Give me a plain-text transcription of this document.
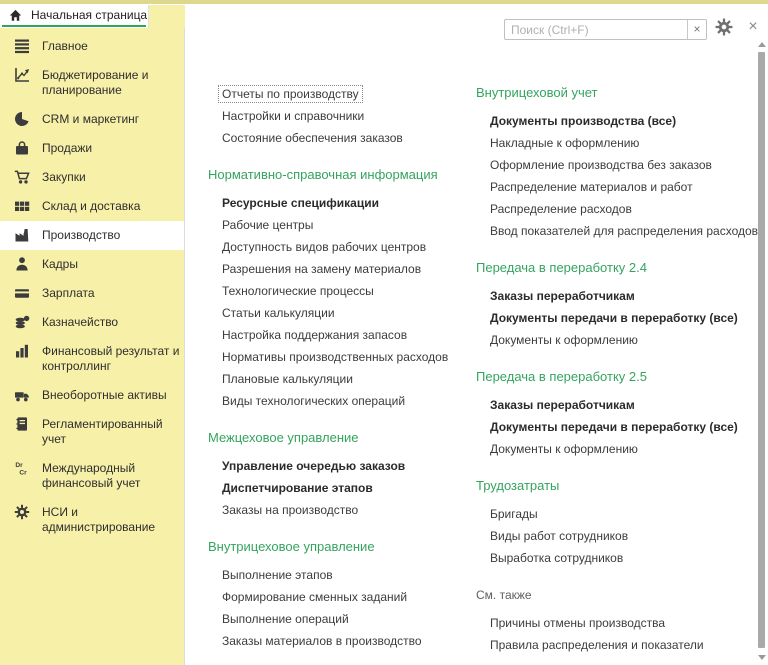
Начальная страница
Главное
Бюджетирование и планирование
CRM и маркетинг
Продажи
Закупки
Склад и доставка
Производство
Кадры
Зарплата
Казначейство
Финансовый результат и контроллинг
Внеоборотные активы
Регламентированный учет
Dr
Cr Международный финансовый учет
НСИ и администрирование
Поиск (Ctrl+F)
×	×
Отчеты по производству
Настройки и справочники
Состояние обеспечения заказов
Нормативно-справочная информация
Ресурсные спецификации
Рабочие центры
Доступность видов рабочих центров
Разрешения на замену материалов
Технологические процессы
Статьи калькуляции
Настройка поддержания запасов
Нормативы производственных расходов
Плановые калькуляции
Виды технологических операций
Межцеховое управление
Управление очередью заказов
Диспетчирование этапов
Заказы на производство
Внутрицеховое управление
Выполнение этапов
Формирование сменных заданий
Выполнение операций
Заказы материалов в производство
Внутрицеховой учет
Документы производства (все)
Накладные к оформлению
Оформление производства без заказов
Распределение материалов и работ
Распределение расходов
Ввод показателей для распределения расходов
Передача в переработку 2.4
Заказы переработчикам
Документы передачи в переработку (все)
Документы к оформлению
Передача в переработку 2.5
Заказы переработчикам
Документы передачи в переработку (все)
Документы к оформлению
Трудозатраты
Бригады
Виды работ сотрудников
Выработка сотрудников
См. также
Причины отмены производства
Правила распределения и показатели
